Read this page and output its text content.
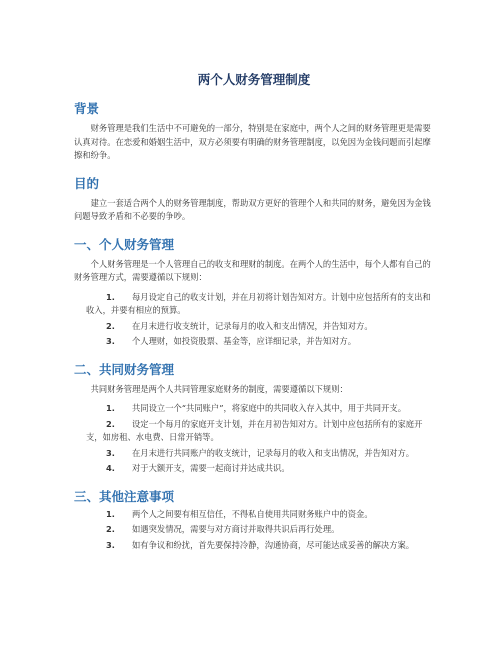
两个人财务管理制度
背景

财务管理是我们生活中不可避免的一部分，特别是在家庭中，两个人之间的财务管理更是需要认真对待。在恋爱和婚姻生活中，双方必须要有明确的财务管理制度，以免因为金钱问题而引起摩擦和纷争。

目的

建立一套适合两个人的财务管理制度，帮助双方更好的管理个人和共同的财务，避免因为金钱问题导致矛盾和不必要的争吵。

一、个人财务管理

个人财务管理是一个人管理自己的收支和理财的制度。在两个人的生活中，每个人都有自己的财务管理方式，需要遵循以下规则：

1. 每月设定自己的收支计划，并在月初将计划告知对方。计划中应包括所有的支出和收入，并要有相应的预算。
2. 在月末进行收支统计，记录每月的收入和支出情况，并告知对方。
3. 个人理财，如投资股票、基金等，应详细记录，并告知对方。
二、共同财务管理

共同财务管理是两个人共同管理家庭财务的制度，需要遵循以下规则：

1. 共同设立一个“共同账户”，将家庭中的共同收入存入其中，用于共同开支。
2. 设定一个每月的家庭开支计划，并在月初告知对方。计划中应包括所有的家庭开支，如房租、水电费、日常开销等。
3. 在月末进行共同账户的收支统计，记录每月的收入和支出情况，并告知对方。
4. 对于大额开支，需要一起商讨并达成共识。
三、其他注意事项
1. 两个人之间要有相互信任，不得私自使用共同财务账户中的资金。
2. 如遇突发情况，需要与对方商讨并取得共识后再行处理。
3. 如有争议和纷扰，首先要保持冷静，沟通协商，尽可能达成妥善的解决方案。
